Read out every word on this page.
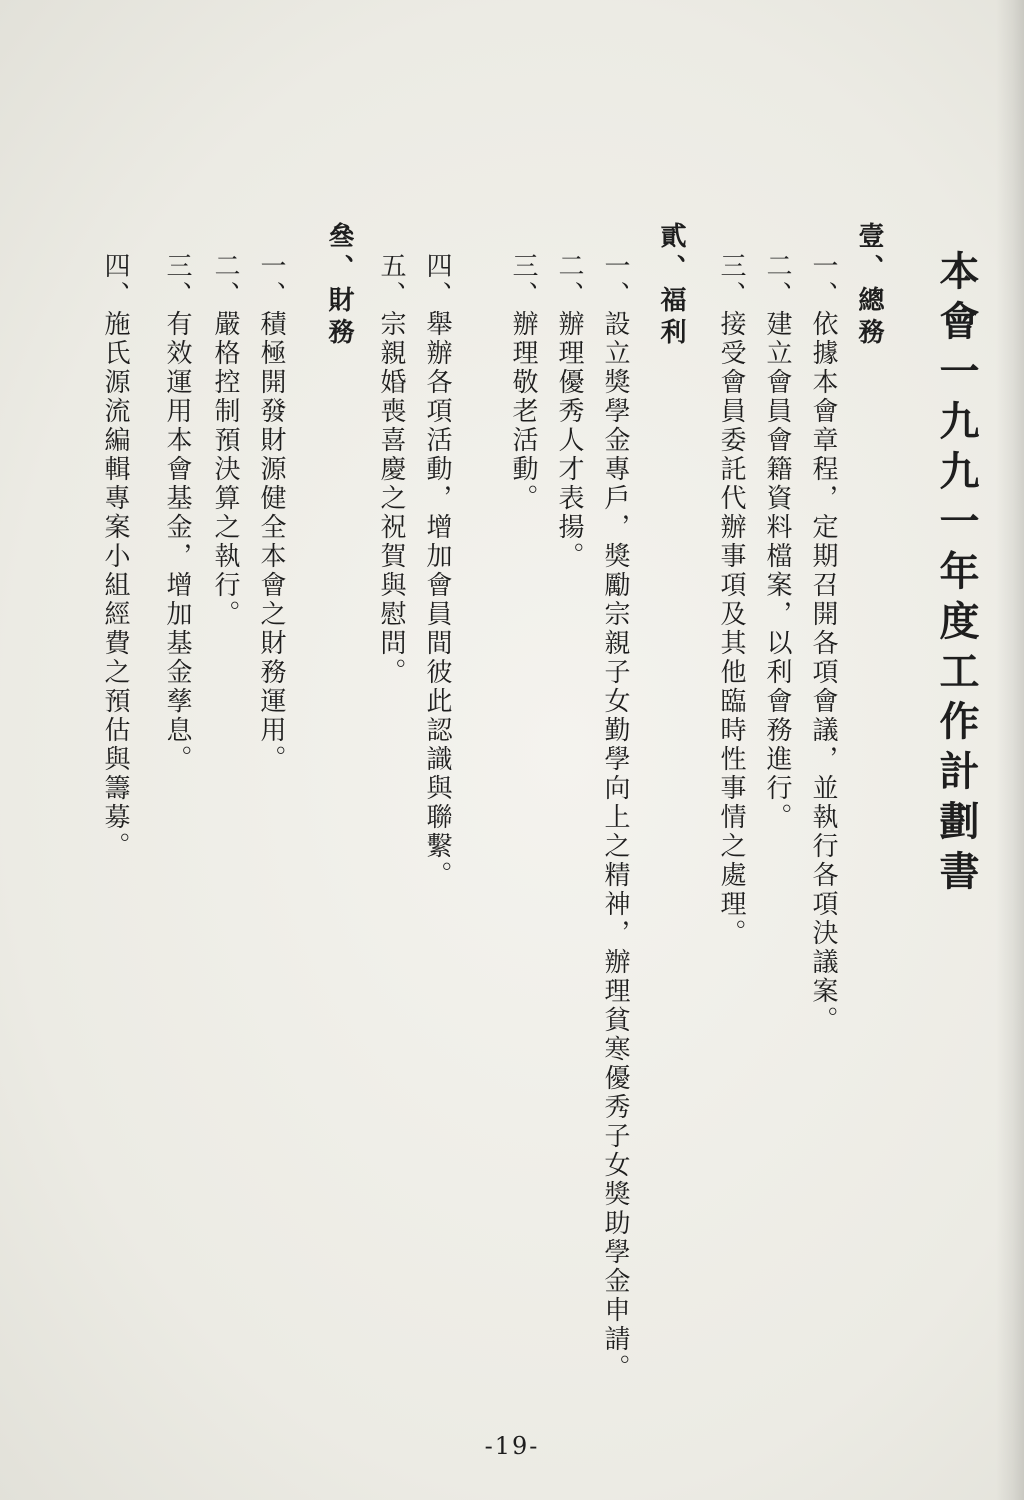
本會一九九一年度工作計劃書
壹、總務

一、依據本會章程，定期召開各項會議，並執行各項決議案。

二、建立會員會籍資料檔案，以利會務進行。

三、接受會員委託代辦事項及其他臨時性事情之處理。

貳、福利

一、設立獎學金專戶，獎勵宗親子女勤學向上之精神，辦理貧寒優秀子女獎助學金申請。

二、辦理優秀人才表揚。

三、辦理敬老活動。

四、舉辦各項活動，增加會員間彼此認識與聯繫。

五、宗親婚喪喜慶之祝賀與慰問。

叄、財務

一、積極開發財源健全本會之財務運用。

二、嚴格控制預決算之執行。

三、有效運用本會基金，增加基金孳息。

四、施氏源流編輯專案小組經費之預估與籌募。

-19-
